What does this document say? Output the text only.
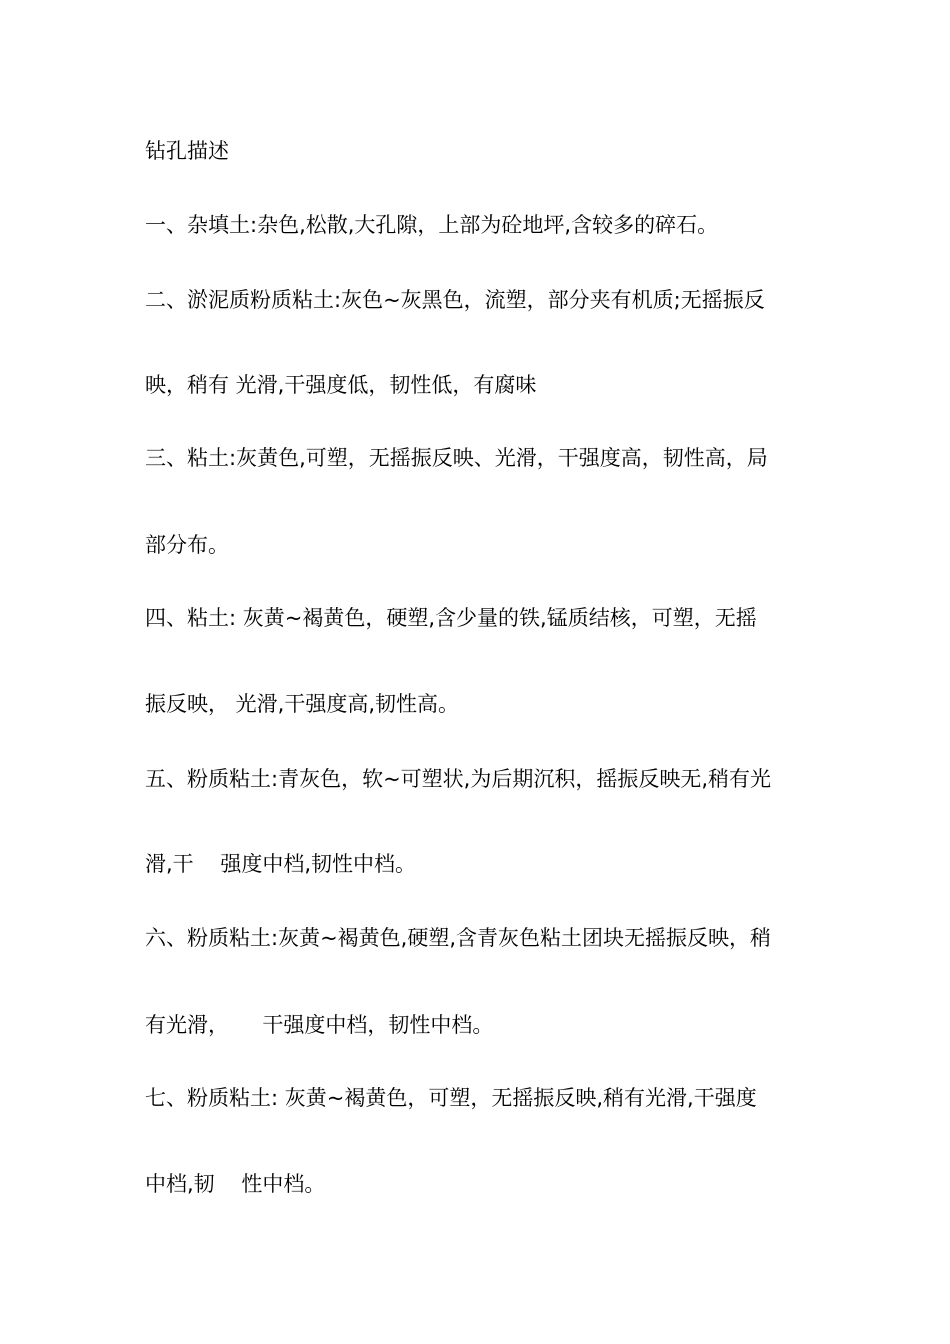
钻孔描述
一、杂填土:杂色,松散,大孔隙，上部为砼地坪,含较多的碎石。
二、淤泥质粉质粘土:灰色~灰黑色，流塑，部分夹有机质;无摇振反
映，稍有 光滑,干强度低，韧性低，有腐味
三、粘土:灰黄色,可塑，无摇振反映、光滑，干强度高，韧性高，局
部分布。
四、粘土: 灰黄~褐黄色，硬塑,含少量的铁,锰质结核，可塑，无摇
振反映， 光滑,干强度高,韧性高。
五、粉质粘土:青灰色，软~可塑状,为后期沉积，摇振反映无,稍有光
滑,干    强度中档,韧性中档。
六、粉质粘土:灰黄~褐黄色,硬塑,含青灰色粘土团块无摇振反映，稍
有光滑，     干强度中档，韧性中档。
七、粉质粘土: 灰黄~褐黄色，可塑，无摇振反映,稍有光滑,干强度
中档,韧    性中档。
